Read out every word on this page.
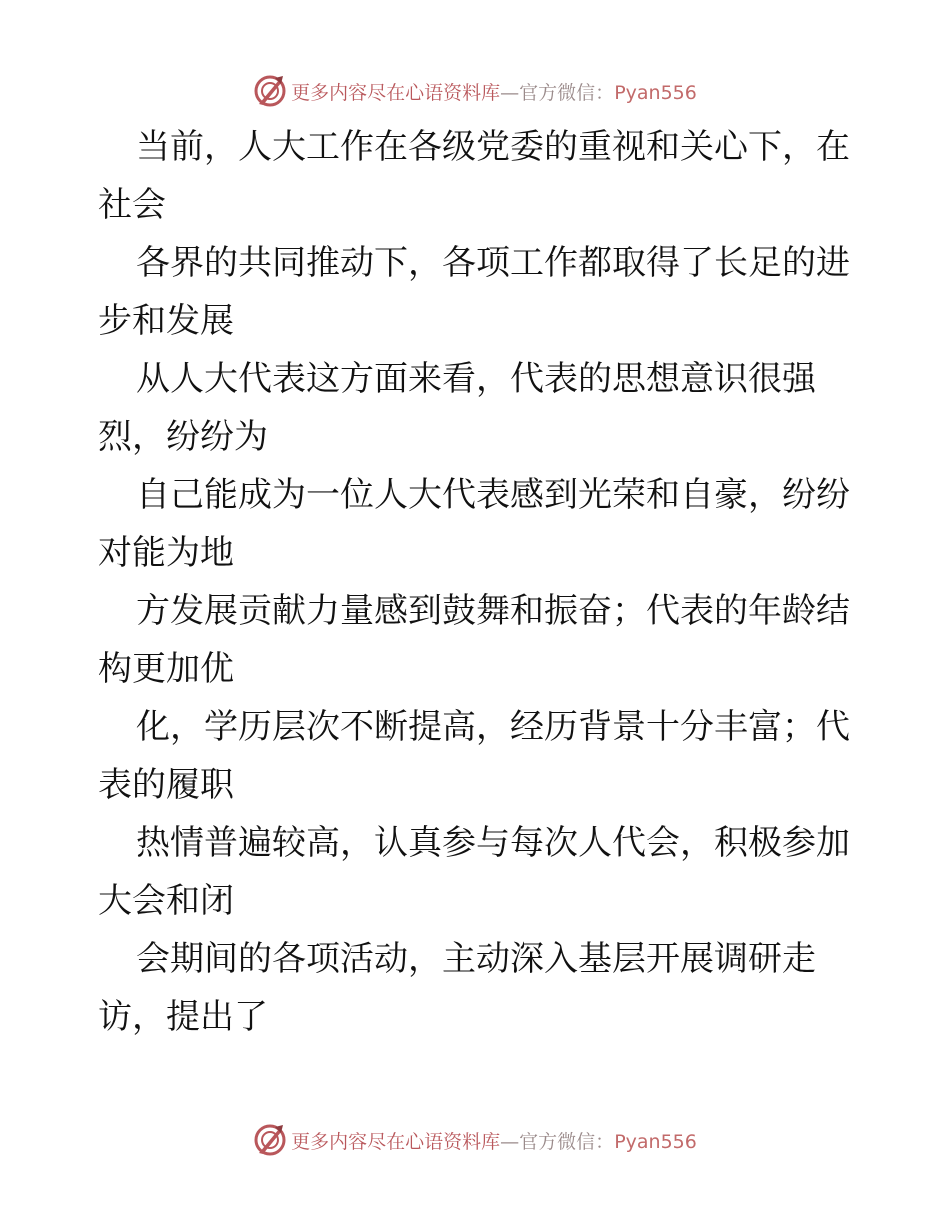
更多内容尽在心语资料库—官方微信：Pyan556

当前，人大工作在各级党委的重视和关心下，在
社会

各界的共同推动下，各项工作都取得了长足的进
步和发展

从人大代表这方面来看，代表的思想意识很强
烈，纷纷为

自己能成为一位人大代表感到光荣和自豪，纷纷
对能为地

方发展贡献力量感到鼓舞和振奋；代表的年龄结
构更加优

化，学历层次不断提高，经历背景十分丰富；代
表的履职

热情普遍较高，认真参与每次人代会，积极参加
大会和闭

会期间的各项活动，主动深入基层开展调研走
访，提出了

更多内容尽在心语资料库—官方微信：Pyan556
